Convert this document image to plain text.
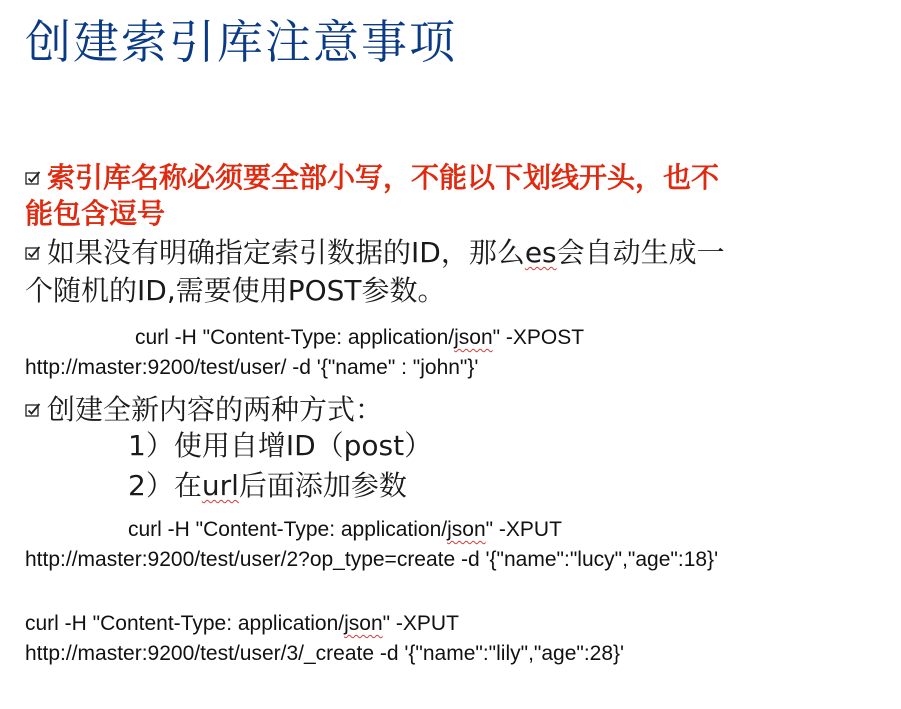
创建索引库注意事项
索引库名称必须要全部小写，不能以下划线开头，也不
能包含逗号
如果没有明确指定索引数据的ID，那么es会自动生成一
个随机的ID,需要使用POST参数。
curl -H "Content-Type: application/json" -XPOST
http://master:9200/test/user/ -d '{"name" : "john"}'
创建全新内容的两种方式：
1）使用自增ID（post）
2）在url后面添加参数
curl -H "Content-Type: application/json" -XPUT
http://master:9200/test/user/2?op_type=create -d '{"name":"lucy","age":18}'
curl -H "Content-Type: application/json" -XPUT
http://master:9200/test/user/3/_create -d '{"name":"lily","age":28}'
